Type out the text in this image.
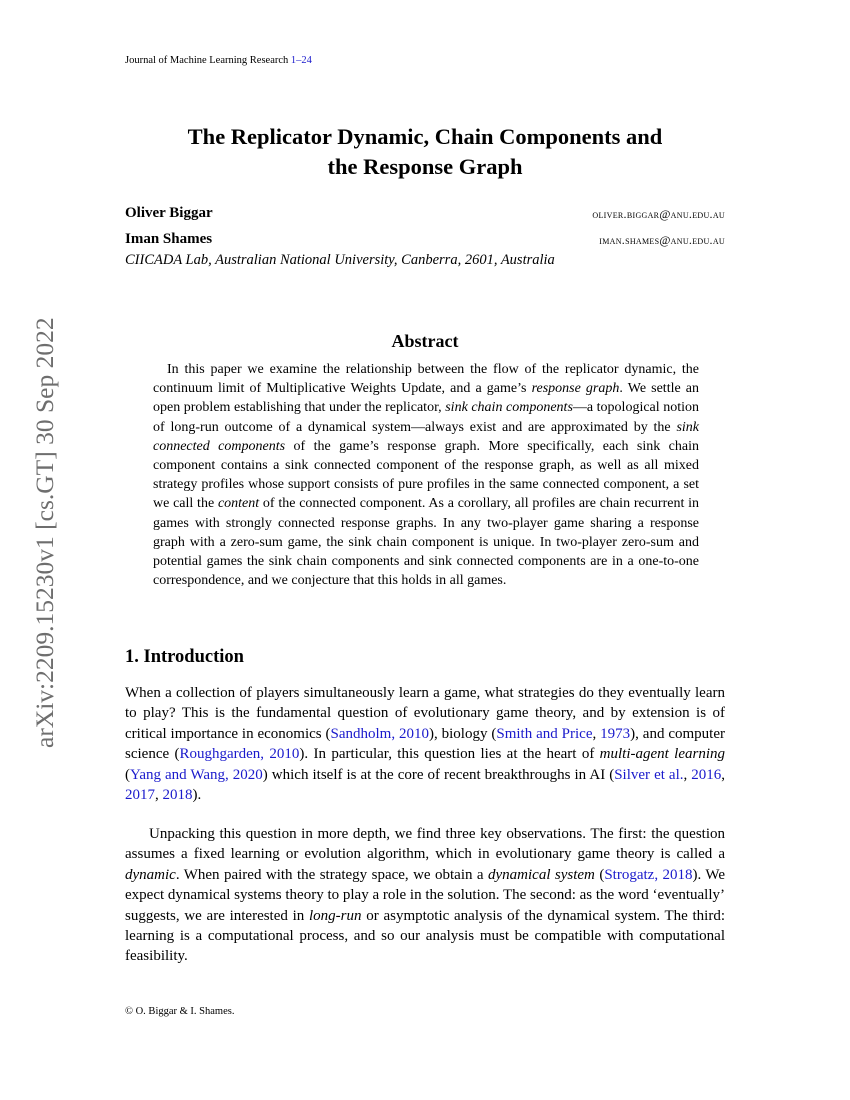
Journal of Machine Learning Research 1–24
arXiv:2209.15230v1 [cs.GT] 30 Sep 2022
The Replicator Dynamic, Chain Components and
the Response Graph
Oliver Biggar	oliver.biggar@anu.edu.au
Iman Shames	iman.shames@anu.edu.au
CIICADA Lab, Australian National University, Canberra, 2601, Australia
Abstract
In this paper we examine the relationship between the flow of the replicator dynamic, the continuum limit of Multiplicative Weights Update, and a game’s response graph. We settle an open problem establishing that under the replicator, sink chain components—a topological notion of long-run outcome of a dynamical system—always exist and are approximated by the sink connected components of the game’s response graph. More specifically, each sink chain component contains a sink connected component of the response graph, as well as all mixed strategy profiles whose support consists of pure profiles in the same connected component, a set we call the content of the connected component. As a corollary, all profiles are chain recurrent in games with strongly connected response graphs. In any two-player game sharing a response graph with a zero-sum game, the sink chain component is unique. In two-player zero-sum and potential games the sink chain components and sink connected components are in a one-to-one correspondence, and we conjecture that this holds in all games.
1. Introduction
When a collection of players simultaneously learn a game, what strategies do they eventually learn to play? This is the fundamental question of evolutionary game theory, and by extension is of critical importance in economics (Sandholm, 2010), biology (Smith and Price, 1973), and computer science (Roughgarden, 2010). In particular, this question lies at the heart of multi-agent learning (Yang and Wang, 2020) which itself is at the core of recent breakthroughs in AI (Silver et al., 2016, 2017, 2018).
Unpacking this question in more depth, we find three key observations. The first: the question assumes a fixed learning or evolution algorithm, which in evolutionary game theory is called a dynamic. When paired with the strategy space, we obtain a dynamical system (Strogatz, 2018). We expect dynamical systems theory to play a role in the solution. The second: as the word ‘eventually’ suggests, we are interested in long-run or asymptotic analysis of the dynamical system. The third: learning is a computational process, and so our analysis must be compatible with computational feasibility.
© O. Biggar & I. Shames.
